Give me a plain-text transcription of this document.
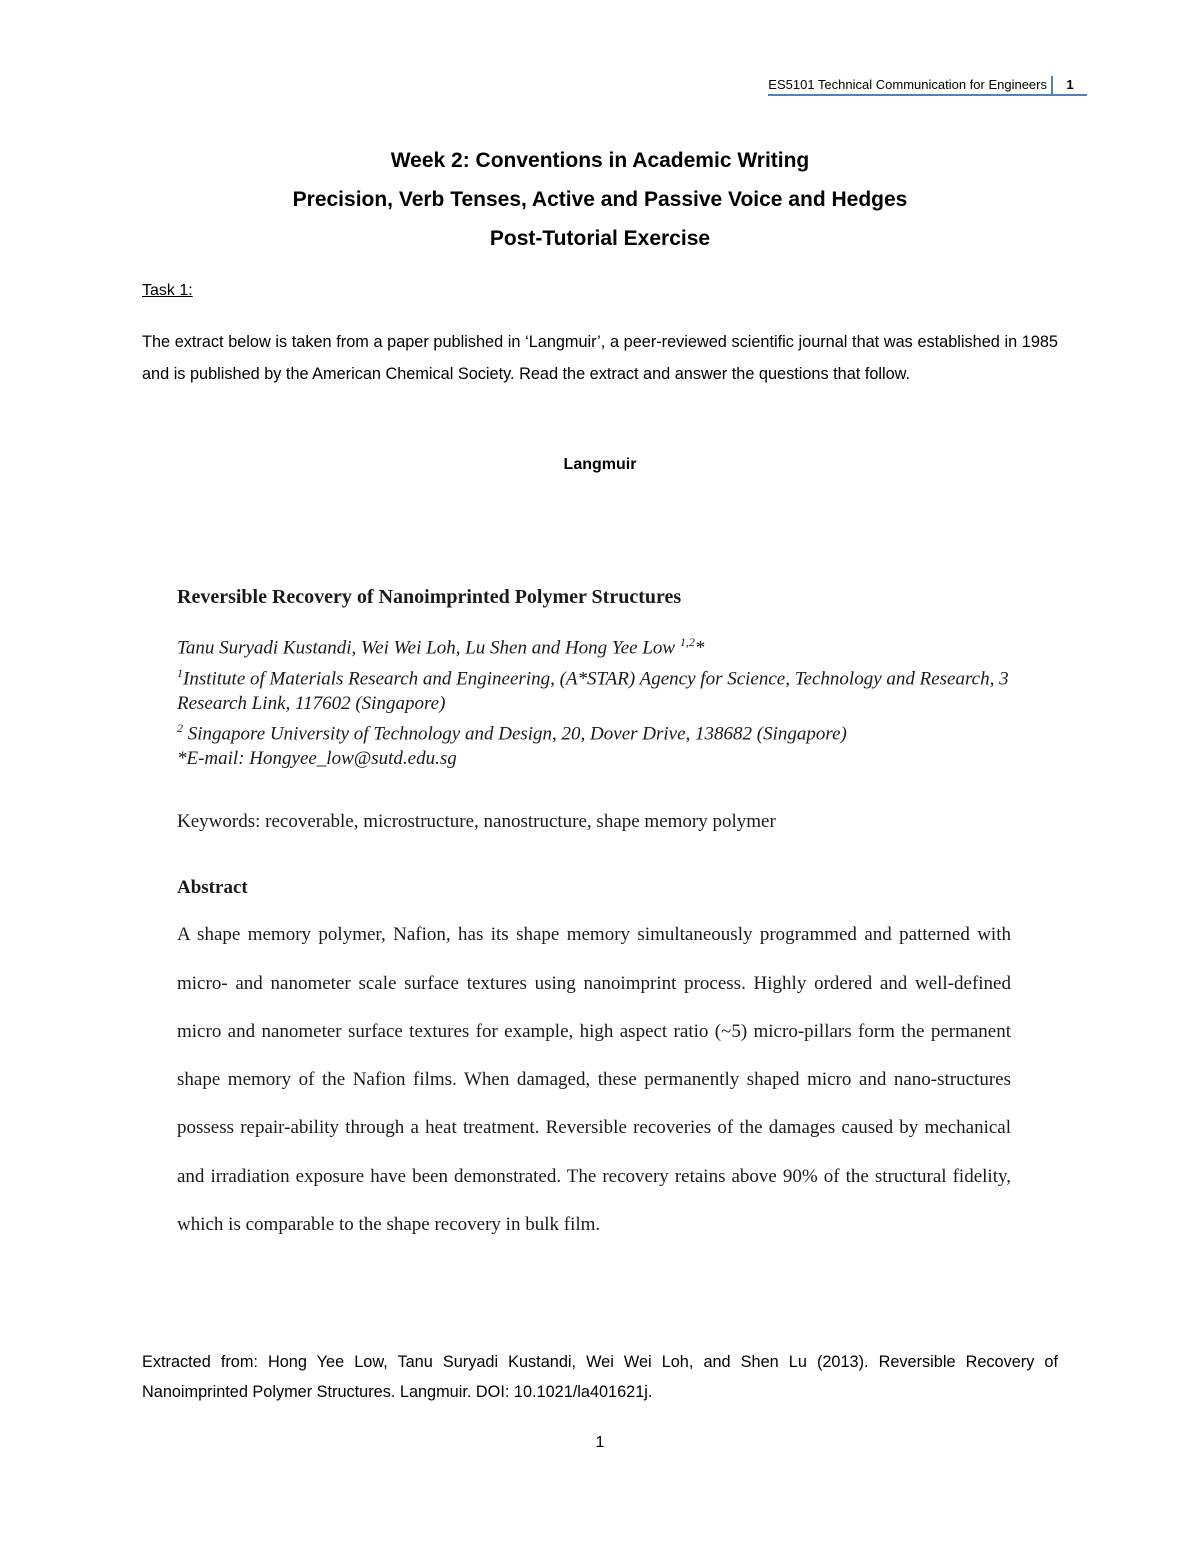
ES5101 Technical Communication for Engineers	1
Week 2: Conventions in Academic Writing
Precision, Verb Tenses, Active and Passive Voice and Hedges
Post-Tutorial Exercise
Task 1:
The extract below is taken from a paper published in ‘Langmuir’, a peer-reviewed scientific journal that was established in 1985 and is published by the American Chemical Society. Read the extract and answer the questions that follow.
Langmuir
Reversible Recovery of Nanoimprinted Polymer Structures
Tanu Suryadi Kustandi, Wei Wei Loh, Lu Shen and Hong Yee Low $^{1,2}$*
$^1$Institute of Materials Research and Engineering, (A*STAR) Agency for Science, Technology and Research, 3 Research Link, 117602 (Singapore)
$^2$ Singapore University of Technology and Design, 20, Dover Drive, 138682 (Singapore)
*E-mail: Hongyee_low@sutd.edu.sg
Keywords: recoverable, microstructure, nanostructure, shape memory polymer
Abstract
A shape memory polymer, Nafion, has its shape memory simultaneously programmed and patterned with micro- and nanometer scale surface textures using nanoimprint process. Highly ordered and well-defined micro and nanometer surface textures for example, high aspect ratio (~5) micro-pillars form the permanent shape memory of the Nafion films. When damaged, these permanently shaped micro and nano-structures possess repair-ability through a heat treatment. Reversible recoveries of the damages caused by mechanical and irradiation exposure have been demonstrated. The recovery retains above 90% of the structural fidelity, which is comparable to the shape recovery in bulk film.
Extracted from: Hong Yee Low, Tanu Suryadi Kustandi, Wei Wei Loh, and Shen Lu (2013). Reversible Recovery of Nanoimprinted Polymer Structures. Langmuir. DOI: 10.1021/la401621j.
1
